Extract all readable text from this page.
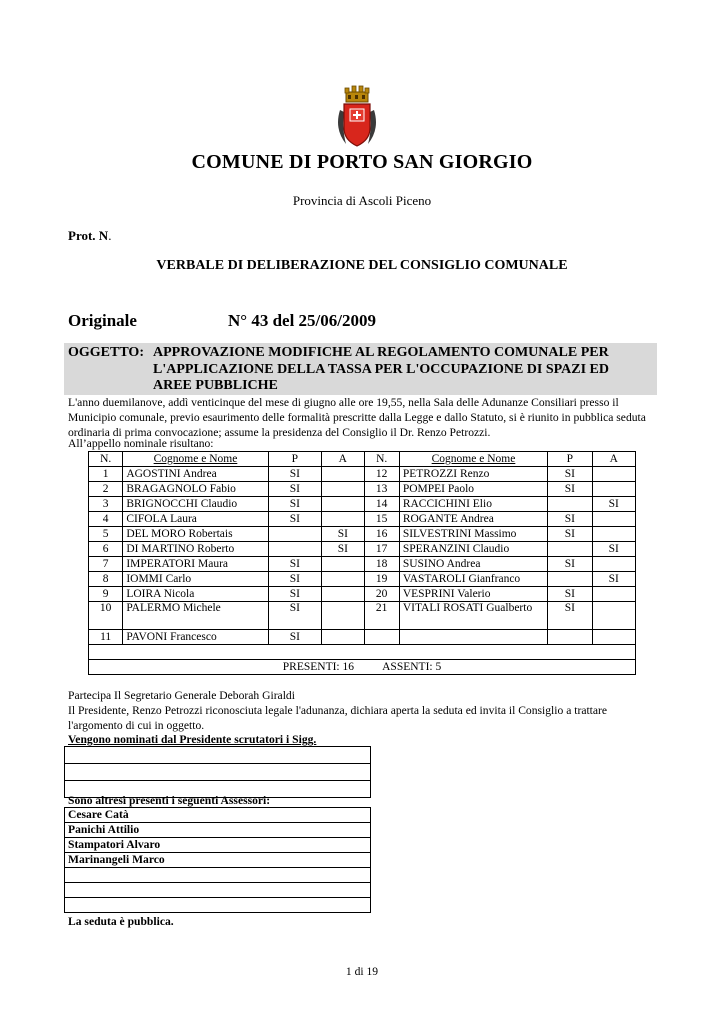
COMUNE DI PORTO SAN GIORGIO
Provincia di Ascoli Piceno
Prot. N.
VERBALE DI DELIBERAZIONE DEL CONSIGLIO COMUNALE
Originale	N° 43 del 25/06/2009
OGGETTO: APPROVAZIONE MODIFICHE AL REGOLAMENTO COMUNALE PER
L'APPLICAZIONE DELLA TASSA PER L'OCCUPAZIONE DI SPAZI ED
AREE PUBBLICHE
L'anno duemilanove, addì venticinque del mese di giugno alle ore 19,55, nella Sala delle Adunanze Consiliari presso il Municipio comunale, previo esaurimento delle formalità prescritte dalla Legge e dallo Statuto, si è riunito in pubblica seduta ordinaria di prima convocazione; assume la presidenza del Consiglio il Dr. Renzo Petrozzi.
All’appello nominale risultano:
N.	Cognome e Nome	P	A	N.	Cognome e Nome	P	A
1	AGOSTINI Andrea	SI		12	PETROZZI Renzo	SI	
2	BRAGAGNOLO Fabio	SI		13	POMPEI Paolo	SI	
3	BRIGNOCCHI Claudio	SI		14	RACCICHINI Elio		SI
4	CIFOLA Laura	SI		15	ROGANTE Andrea	SI	
5	DEL MORO Robertais		SI	16	SILVESTRINI Massimo	SI	
6	DI MARTINO Roberto		SI	17	SPERANZINI Claudio		SI
7	IMPERATORI Maura	SI		18	SUSINO Andrea	SI	
8	IOMMI Carlo	SI		19	VASTAROLI Gianfranco		SI
9	LOIRA Nicola	SI		20	VESPRINI Valerio	SI	
10	PALERMO Michele	SI		21	VITALI ROSATI Gualberto	SI	
11	PAVONI Francesco	SI					

PRESENTI: 16          ASSENTI: 5							
Partecipa Il Segretario Generale Deborah Giraldi
Il Presidente, Renzo Petrozzi riconosciuta legale l'adunanza, dichiara aperta la seduta ed invita il Consiglio a trattare l'argomento di cui in oggetto.
Vengono nominati dal Presidente scrutatori i Sigg.

Sono altresì presenti i seguenti Assessori:
Cesare Catà
Panichi Attilio
Stampatori Alvaro
Marinangeli Marco

La seduta è pubblica.
1 di 19
